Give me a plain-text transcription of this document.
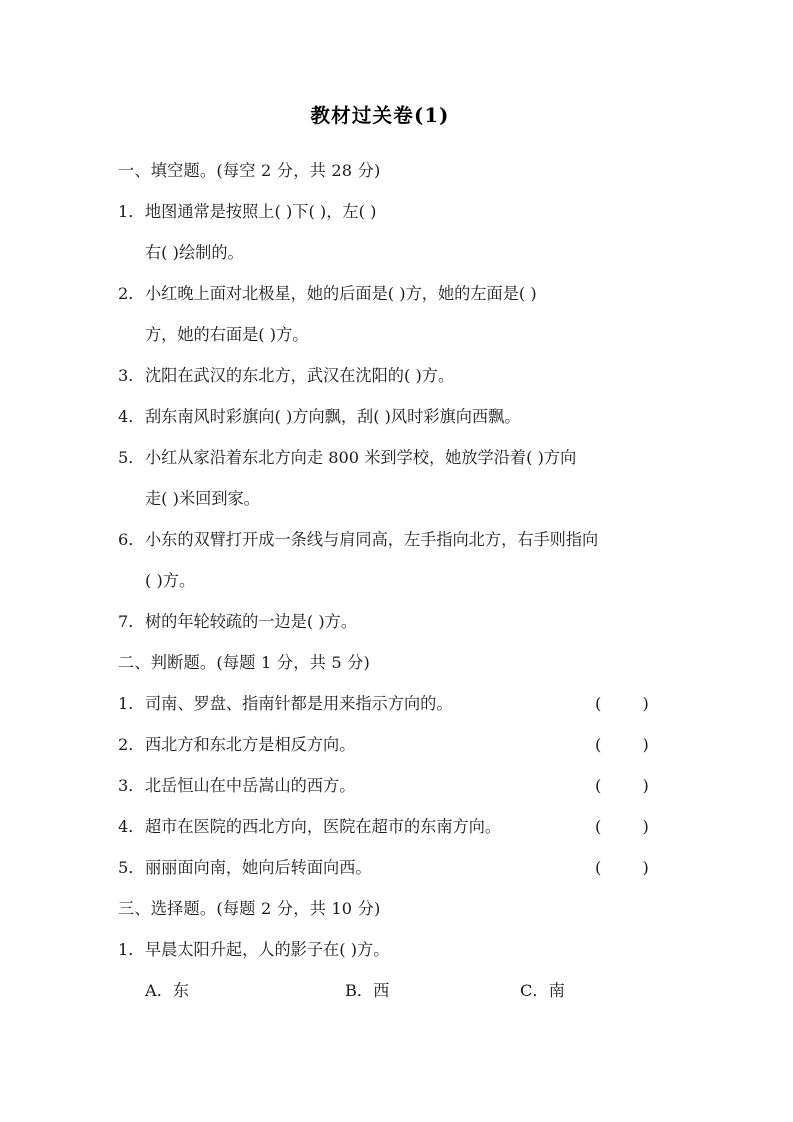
教材过关卷(1)
一、填空题。(每空 2 分，共 28 分)
1． 地图通常是按照上( )下( )，左( )
右( )绘制的。
2． 小红晚上面对北极星，她的后面是( )方，她的左面是( )
方，她的右面是( )方。
3． 沈阳在武汉的东北方，武汉在沈阳的( )方。
4． 刮东南风时彩旗向( )方向飘，刮( )风时彩旗向西飘。
5． 小红从家沿着东北方向走 800 米到学校，她放学沿着( )方向
走( )米回到家。
6． 小东的双臂打开成一条线与肩同高，左手指向北方，右手则指向
( )方。
7． 树的年轮较疏的一边是( )方。
二、判断题。(每题 1 分，共 5 分)
1． 司南、罗盘、指南针都是用来指示方向的。	(        )
2． 西北方和东北方是相反方向。	(        )
3． 北岳恒山在中岳嵩山的西方。	(        )
4． 超市在医院的西北方向，医院在超市的东南方向。	(        )
5． 丽丽面向南，她向后转面向西。	(        )
三、选择题。(每题 2 分，共 10 分)
1． 早晨太阳升起，人的影子在( )方。
A．东	B．西	C．南
